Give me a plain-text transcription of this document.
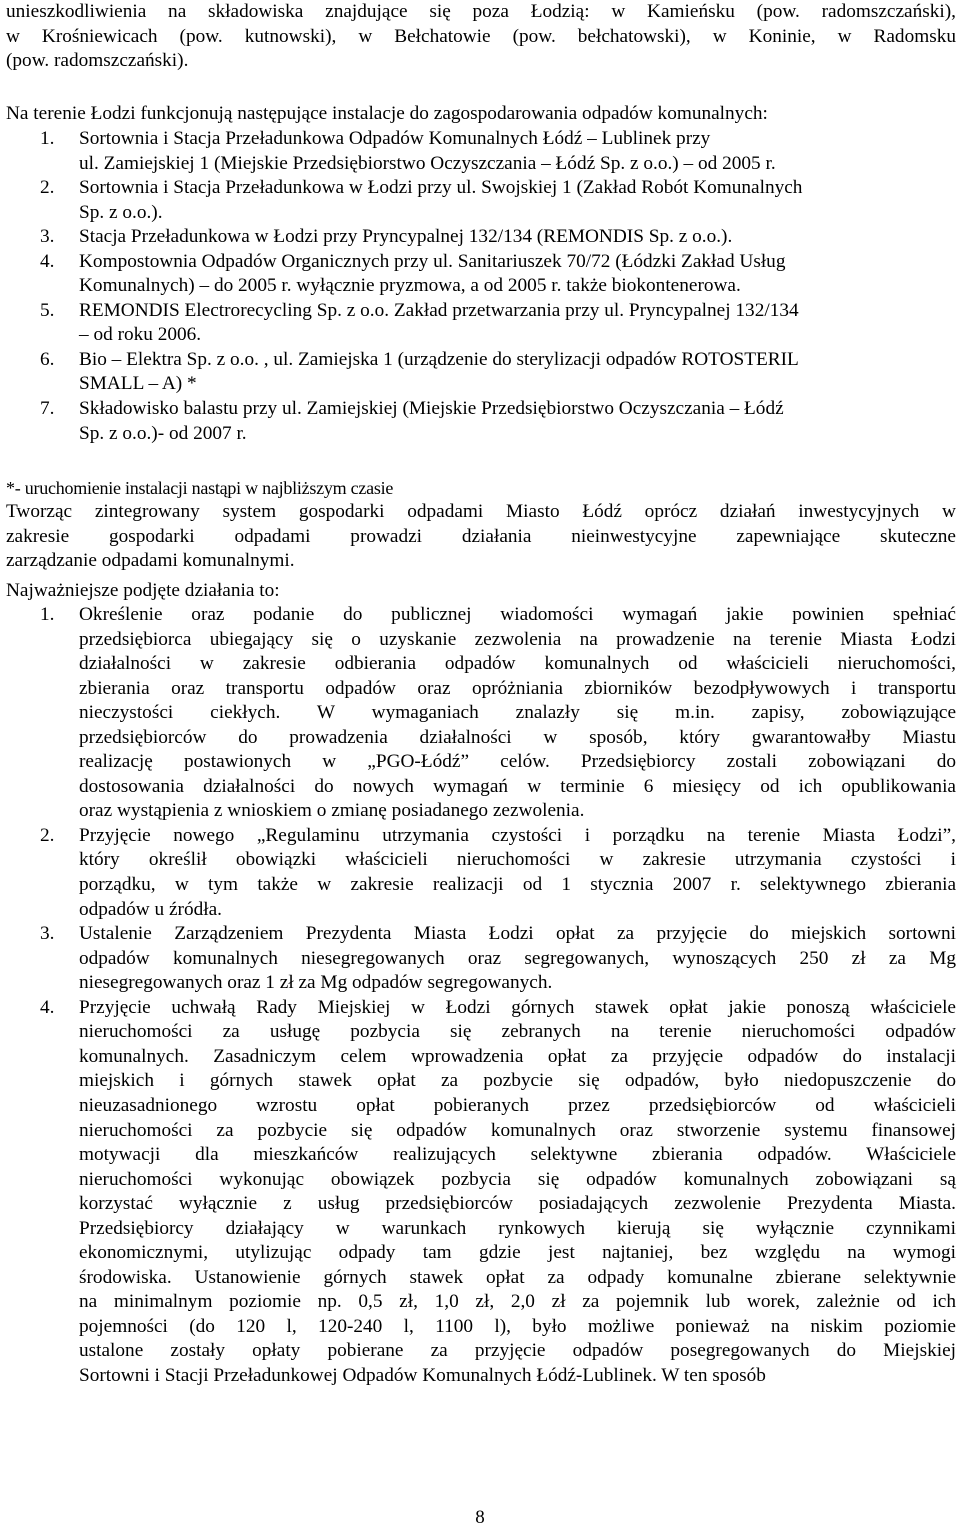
unieszkodliwienia na składowiska znajdujące się poza Łodzią: w Kamieńsku (pow. radomszczański),
w Krośniewicach (pow. kutnowski), w Bełchatowie (pow. bełchatowski), w Koninie, w Radomsku
(pow. radomszczański).
Na terenie Łodzi funkcjonują następujące instalacje do zagospodarowania odpadów komunalnych:
1. Sortownia i Stacja Przeładunkowa Odpadów Komunalnych Łódź – Lublinek przy
ul. Zamiejskiej 1 (Miejskie Przedsiębiorstwo Oczyszczania – Łódź Sp. z o.o.) – od 2005 r.
2. Sortownia i Stacja Przeładunkowa w Łodzi przy ul. Swojskiej 1 (Zakład Robót Komunalnych
Sp. z o.o.).
3. Stacja Przeładunkowa w Łodzi przy Pryncypalnej 132/134 (REMONDIS Sp. z o.o.).
4. Kompostownia Odpadów Organicznych przy ul. Sanitariuszek 70/72 (Łódzki Zakład Usług
Komunalnych) – do 2005 r. wyłącznie pryzmowa, a od 2005 r. także biokontenerowa.
5. REMONDIS Electrorecycling Sp. z o.o. Zakład przetwarzania przy ul. Pryncypalnej 132/134
– od roku 2006.
6. Bio – Elektra Sp. z o.o. , ul. Zamiejska 1 (urządzenie do sterylizacji odpadów ROTOSTERIL
SMALL – A) *
7. Składowisko balastu przy ul. Zamiejskiej (Miejskie Przedsiębiorstwo Oczyszczania – Łódź
Sp. z o.o.)- od 2007 r.
*- uruchomienie instalacji nastąpi w najbliższym czasie
Tworząc zintegrowany system gospodarki odpadami Miasto Łódź oprócz działań inwestycyjnych w
zakresie gospodarki odpadami prowadzi działania nieinwestycyjne zapewniające skuteczne
zarządzanie odpadami komunalnymi.
Najważniejsze podjęte działania to:
1. Określenie oraz podanie do publicznej wiadomości wymagań jakie powinien spełniać
przedsiębiorca ubiegający się o uzyskanie zezwolenia na prowadzenie na terenie Miasta Łodzi
działalności w zakresie odbierania odpadów komunalnych od właścicieli nieruchomości,
zbierania oraz transportu odpadów oraz opróżniania zbiorników bezodpływowych i transportu
nieczystości ciekłych. W wymaganiach znalazły się m.in. zapisy, zobowiązujące
przedsiębiorców do prowadzenia działalności w sposób, który gwarantowałby Miastu
realizację postawionych w „PGO-Łódź” celów. Przedsiębiorcy zostali zobowiązani do
dostosowania działalności do nowych wymagań w terminie 6 miesięcy od ich opublikowania
oraz wystąpienia z wnioskiem o zmianę posiadanego zezwolenia.
2. Przyjęcie nowego „Regulaminu utrzymania czystości i porządku na terenie Miasta Łodzi”,
który określił obowiązki właścicieli nieruchomości w zakresie utrzymania czystości i
porządku, w tym także w zakresie realizacji od 1 stycznia 2007 r. selektywnego zbierania
odpadów u źródła.
3. Ustalenie Zarządzeniem Prezydenta Miasta Łodzi opłat za przyjęcie do miejskich sortowni
odpadów komunalnych niesegregowanych oraz segregowanych, wynoszących 250 zł za Mg
niesegregowanych oraz 1 zł za Mg odpadów segregowanych.
4. Przyjęcie uchwałą Rady Miejskiej w Łodzi górnych stawek opłat jakie ponoszą właściciele
nieruchomości za usługę pozbycia się zebranych na terenie nieruchomości odpadów
komunalnych. Zasadniczym celem wprowadzenia opłat za przyjęcie odpadów do instalacji
miejskich i górnych stawek opłat za pozbycie się odpadów, było niedopuszczenie do
nieuzasadnionego wzrostu opłat pobieranych przez przedsiębiorców od właścicieli
nieruchomości za pozbycie się odpadów komunalnych oraz stworzenie systemu finansowej
motywacji dla mieszkańców realizujących selektywne zbierania odpadów. Właściciele
nieruchomości wykonując obowiązek pozbycia się odpadów komunalnych zobowiązani są
korzystać wyłącznie z usług przedsiębiorców posiadających zezwolenie Prezydenta Miasta.
Przedsiębiorcy działający w warunkach rynkowych kierują się wyłącznie czynnikami
ekonomicznymi, utylizując odpady tam gdzie jest najtaniej, bez względu na wymogi
środowiska. Ustanowienie górnych stawek opłat za odpady komunalne zbierane selektywnie
na minimalnym poziomie np. 0,5 zł, 1,0 zł, 2,0 zł za pojemnik lub worek, zależnie od ich
pojemności (do 120 l, 120-240 l, 1100 l), było możliwe ponieważ na niskim poziomie
ustalone zostały opłaty pobierane za przyjęcie odpadów posegregowanych do Miejskiej
Sortowni i Stacji Przeładunkowej Odpadów Komunalnych Łódź-Lublinek. W ten sposób
8
